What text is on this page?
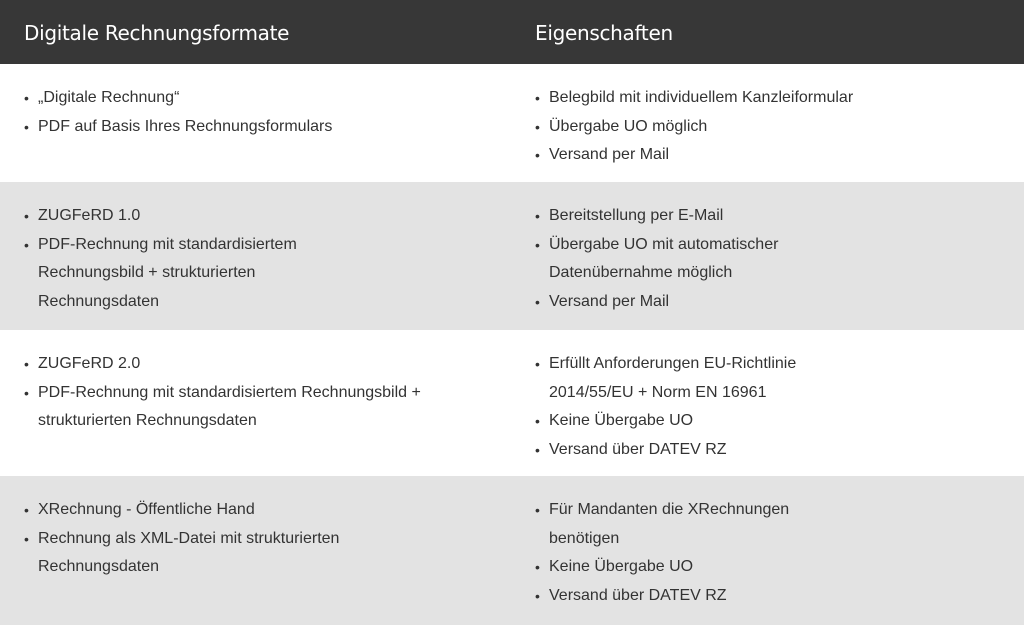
Digitale Rechnungsformate	Eigenschaften
• „Digitale Rechnung“
• PDF auf Basis Ihres Rechnungsformulars
• Belegbild mit individuellem Kanzleiformular
• Übergabe UO möglich
• Versand per Mail
• ZUGFeRD 1.0
• PDF-Rechnung mit standardisiertem Rechnungsbild + strukturierten Rechnungsdaten
• Bereitstellung per E-Mail
• Übergabe UO mit automatischer Datenübernahme möglich
• Versand per Mail
• ZUGFeRD 2.0
• PDF-Rechnung mit standardisiertem Rechnungsbild + strukturierten Rechnungsdaten
• Erfüllt Anforderungen EU-Richtlinie 2014/55/EU + Norm EN 16961
• Keine Übergabe UO
• Versand über DATEV RZ
• XRechnung - Öffentliche Hand
• Rechnung als XML-Datei mit strukturierten Rechnungsdaten
• Für Mandanten die XRechnungen benötigen
• Keine Übergabe UO
• Versand über DATEV RZ
